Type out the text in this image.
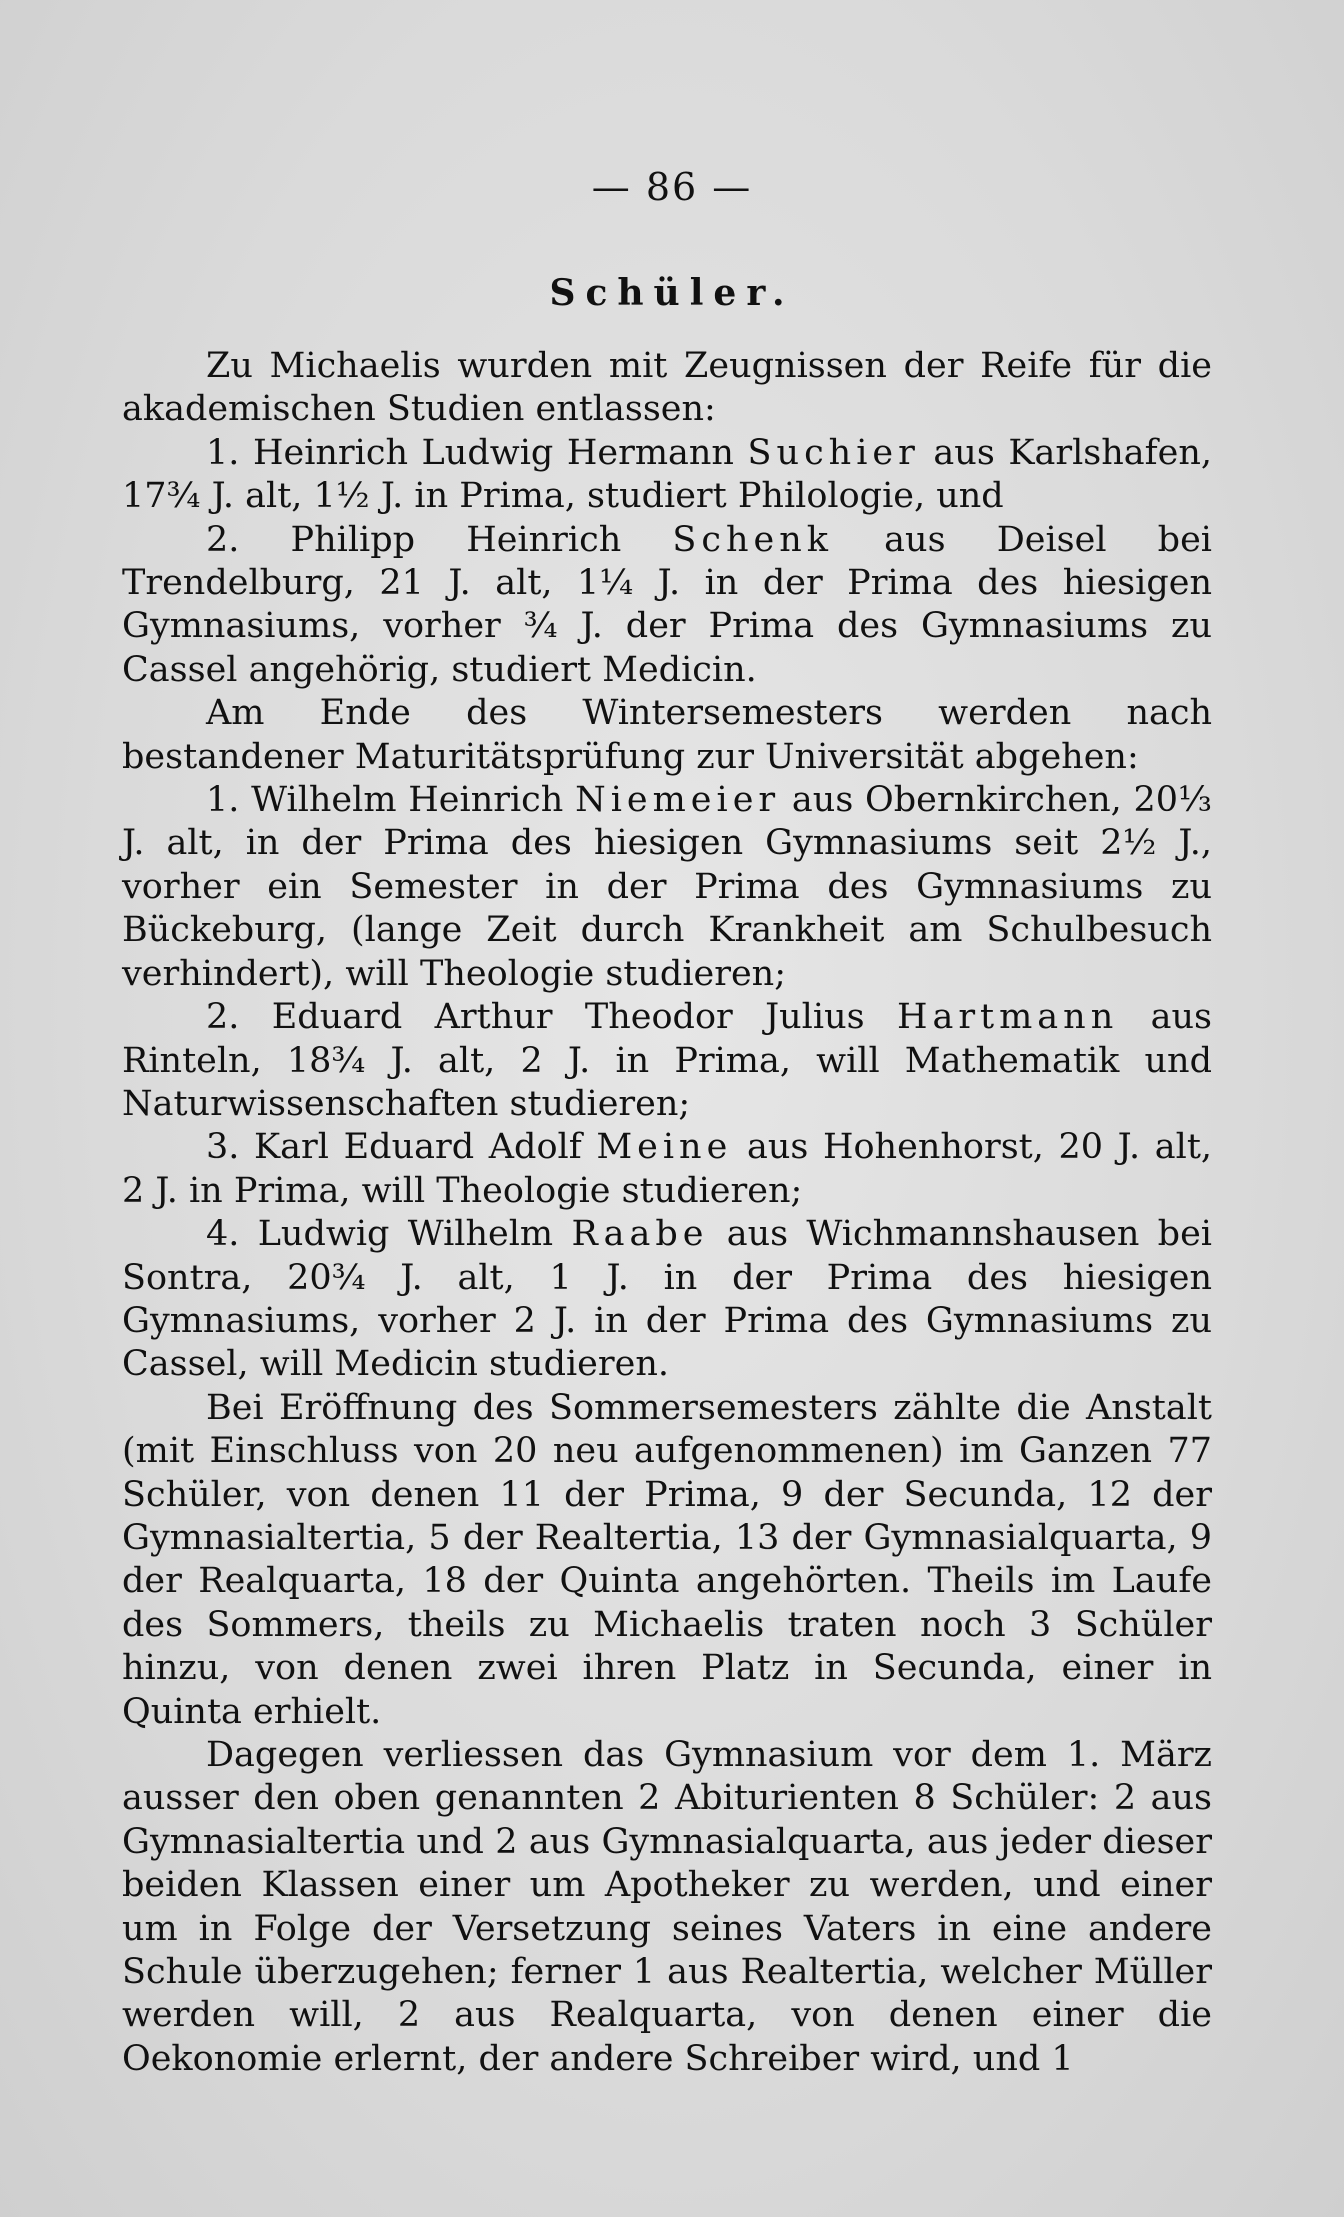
— 86 —
Schüler.

Zu Michaelis wurden mit Zeugnissen der Reife für die akademischen Studien entlassen:

1. Heinrich Ludwig Hermann Suchier aus Karlshafen, 17¾ J. alt, 1½ J. in Prima, studiert Philologie, und

2. Philipp Heinrich Schenk aus Deisel bei Trendelburg, 21 J. alt, 1¼ J. in der Prima des hiesigen Gymnasiums, vorher ¾ J. der Prima des Gymnasiums zu Cassel angehörig, studiert Medicin.

Am Ende des Wintersemesters werden nach bestandener Maturitätsprüfung zur Universität abgehen:

1. Wilhelm Heinrich Niemeier aus Obernkirchen, 20⅓ J. alt, in der Prima des hiesigen Gymnasiums seit 2½ J., vorher ein Semester in der Prima des Gymnasiums zu Bückeburg, (lange Zeit durch Krankheit am Schulbesuch verhindert), will Theologie studieren;

2. Eduard Arthur Theodor Julius Hartmann aus Rinteln, 18¾ J. alt, 2 J. in Prima, will Mathematik und Naturwissenschaften studieren;

3. Karl Eduard Adolf Meine aus Hohenhorst, 20 J. alt, 2 J. in Prima, will Theologie studieren;

4. Ludwig Wilhelm Raabe aus Wichmannshausen bei Sontra, 20¾ J. alt, 1 J. in der Prima des hiesigen Gymnasiums, vorher 2 J. in der Prima des Gymnasiums zu Cassel, will Medicin studieren.

Bei Eröffnung des Sommersemesters zählte die Anstalt (mit Einschluss von 20 neu aufgenommenen) im Ganzen 77 Schüler, von denen 11 der Prima, 9 der Secunda, 12 der Gymnasialtertia, 5 der Realtertia, 13 der Gymnasialquarta, 9 der Realquarta, 18 der Quinta angehörten. Theils im Laufe des Sommers, theils zu Michaelis traten noch 3 Schüler hinzu, von denen zwei ihren Platz in Secunda, einer in Quinta erhielt.

Dagegen verliessen das Gymnasium vor dem 1. März ausser den oben genannten 2 Abiturienten 8 Schüler: 2 aus Gymnasialtertia und 2 aus Gymnasialquarta, aus jeder dieser beiden Klassen einer um Apotheker zu werden, und einer um in Folge der Versetzung seines Vaters in eine andere Schule überzugehen; ferner 1 aus Realtertia, welcher Müller werden will, 2 aus Realquarta, von denen einer die Oekonomie erlernt, der andere Schreiber wird, und 1
